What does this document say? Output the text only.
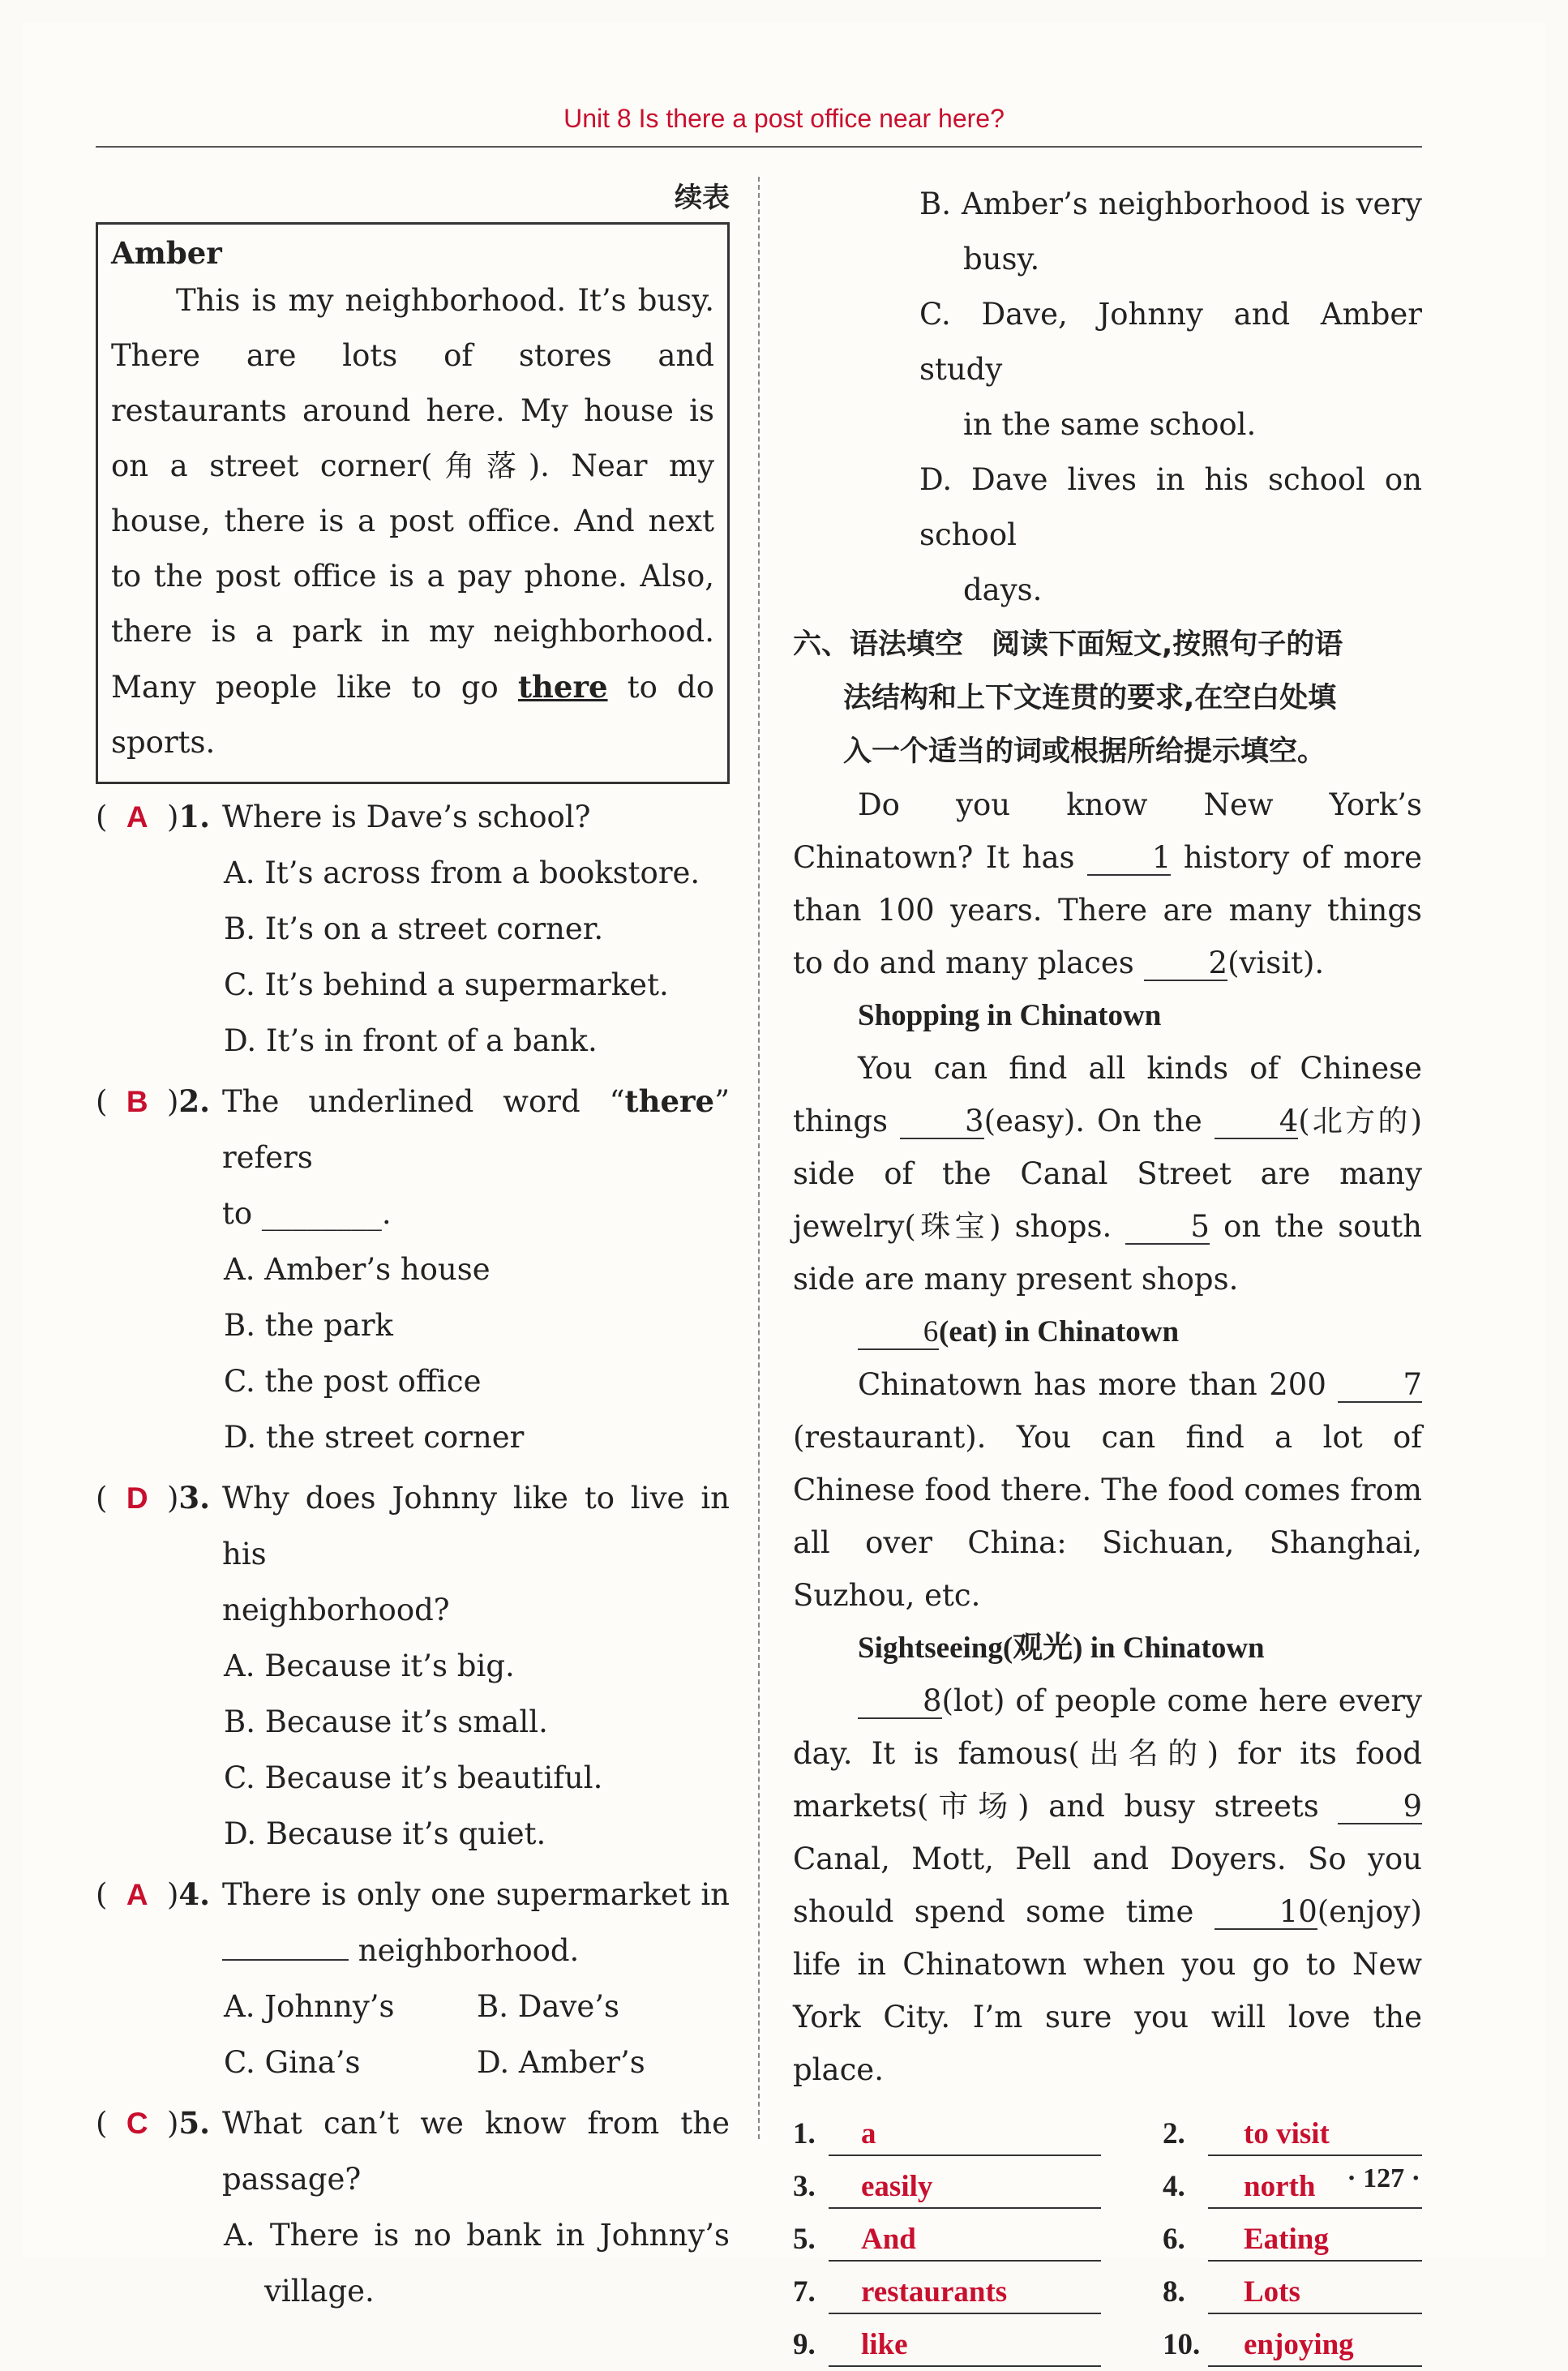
Unit 8 Is there a post office near here?
续表
Amber

This is my neighborhood. It’s busy. There are lots of stores and restaurants around here. My house is on a street corner(角落). Near my house, there is a post office. And next to the post office is a pay phone. Also, there is a park in my neighborhood. Many people like to go there to do sports.

( A )1. Where is Dave’s school?
A. It’s across from a bookstore.
B. It’s on a street corner.
C. It’s behind a supermarket.
D. It’s in front of a bank.
( B )2. The underlined word “there” refers
to ________.
A. Amber’s house
B. the park
C. the post office
D. the street corner
( D )3. Why does Johnny like to live in his
neighborhood?
A. Because it’s big.
B. Because it’s small.
C. Because it’s beautiful.
D. Because it’s quiet.
( A )4. There is only one supermarket in
neighborhood.
A. Johnny’s	B. Dave’s
C. Gina’s	D. Amber’s
( C )5. What can’t we know from the
passage?
A. There is no bank in Johnny’s
village.
B. Amber’s neighborhood is very
busy.
C. Dave, Johnny and Amber study
in the same school.
D. Dave lives in his school on school
days.
六、语法填空　阅读下面短文,按照句子的语
法结构和上下文连贯的要求,在空白处填
入一个适当的词或根据所给提示填空。

Do you know New York’s Chinatown? It has 1 history of more than 100 years. There are many things to do and many places 2(visit).

Shopping in Chinatown

You can find all kinds of Chinese things 3(easy). On the 4(北方的) side of the Canal Street are many jewelry(珠宝) shops. 5 on the south side are many present shops.

6(eat) in Chinatown

Chinatown has more than 200 7(restaurant). You can find a lot of Chinese food there. The food comes from all over China: Sichuan, Shanghai, Suzhou, etc.

Sightseeing(观光) in Chinatown

8(lot) of people come here every day. It is famous(出名的) for its food markets(市场) and busy streets 9 Canal, Mott, Pell and Doyers. So you should spend some time 10(enjoy) life in Chinatown when you go to New York City. I’m sure you will love the place.

1.	a	2.	to visit
3.	easily	4.	north
5.	And	6.	Eating
7.	restaurants	8.	Lots
9.	like	10.	enjoying
· 127 ·
